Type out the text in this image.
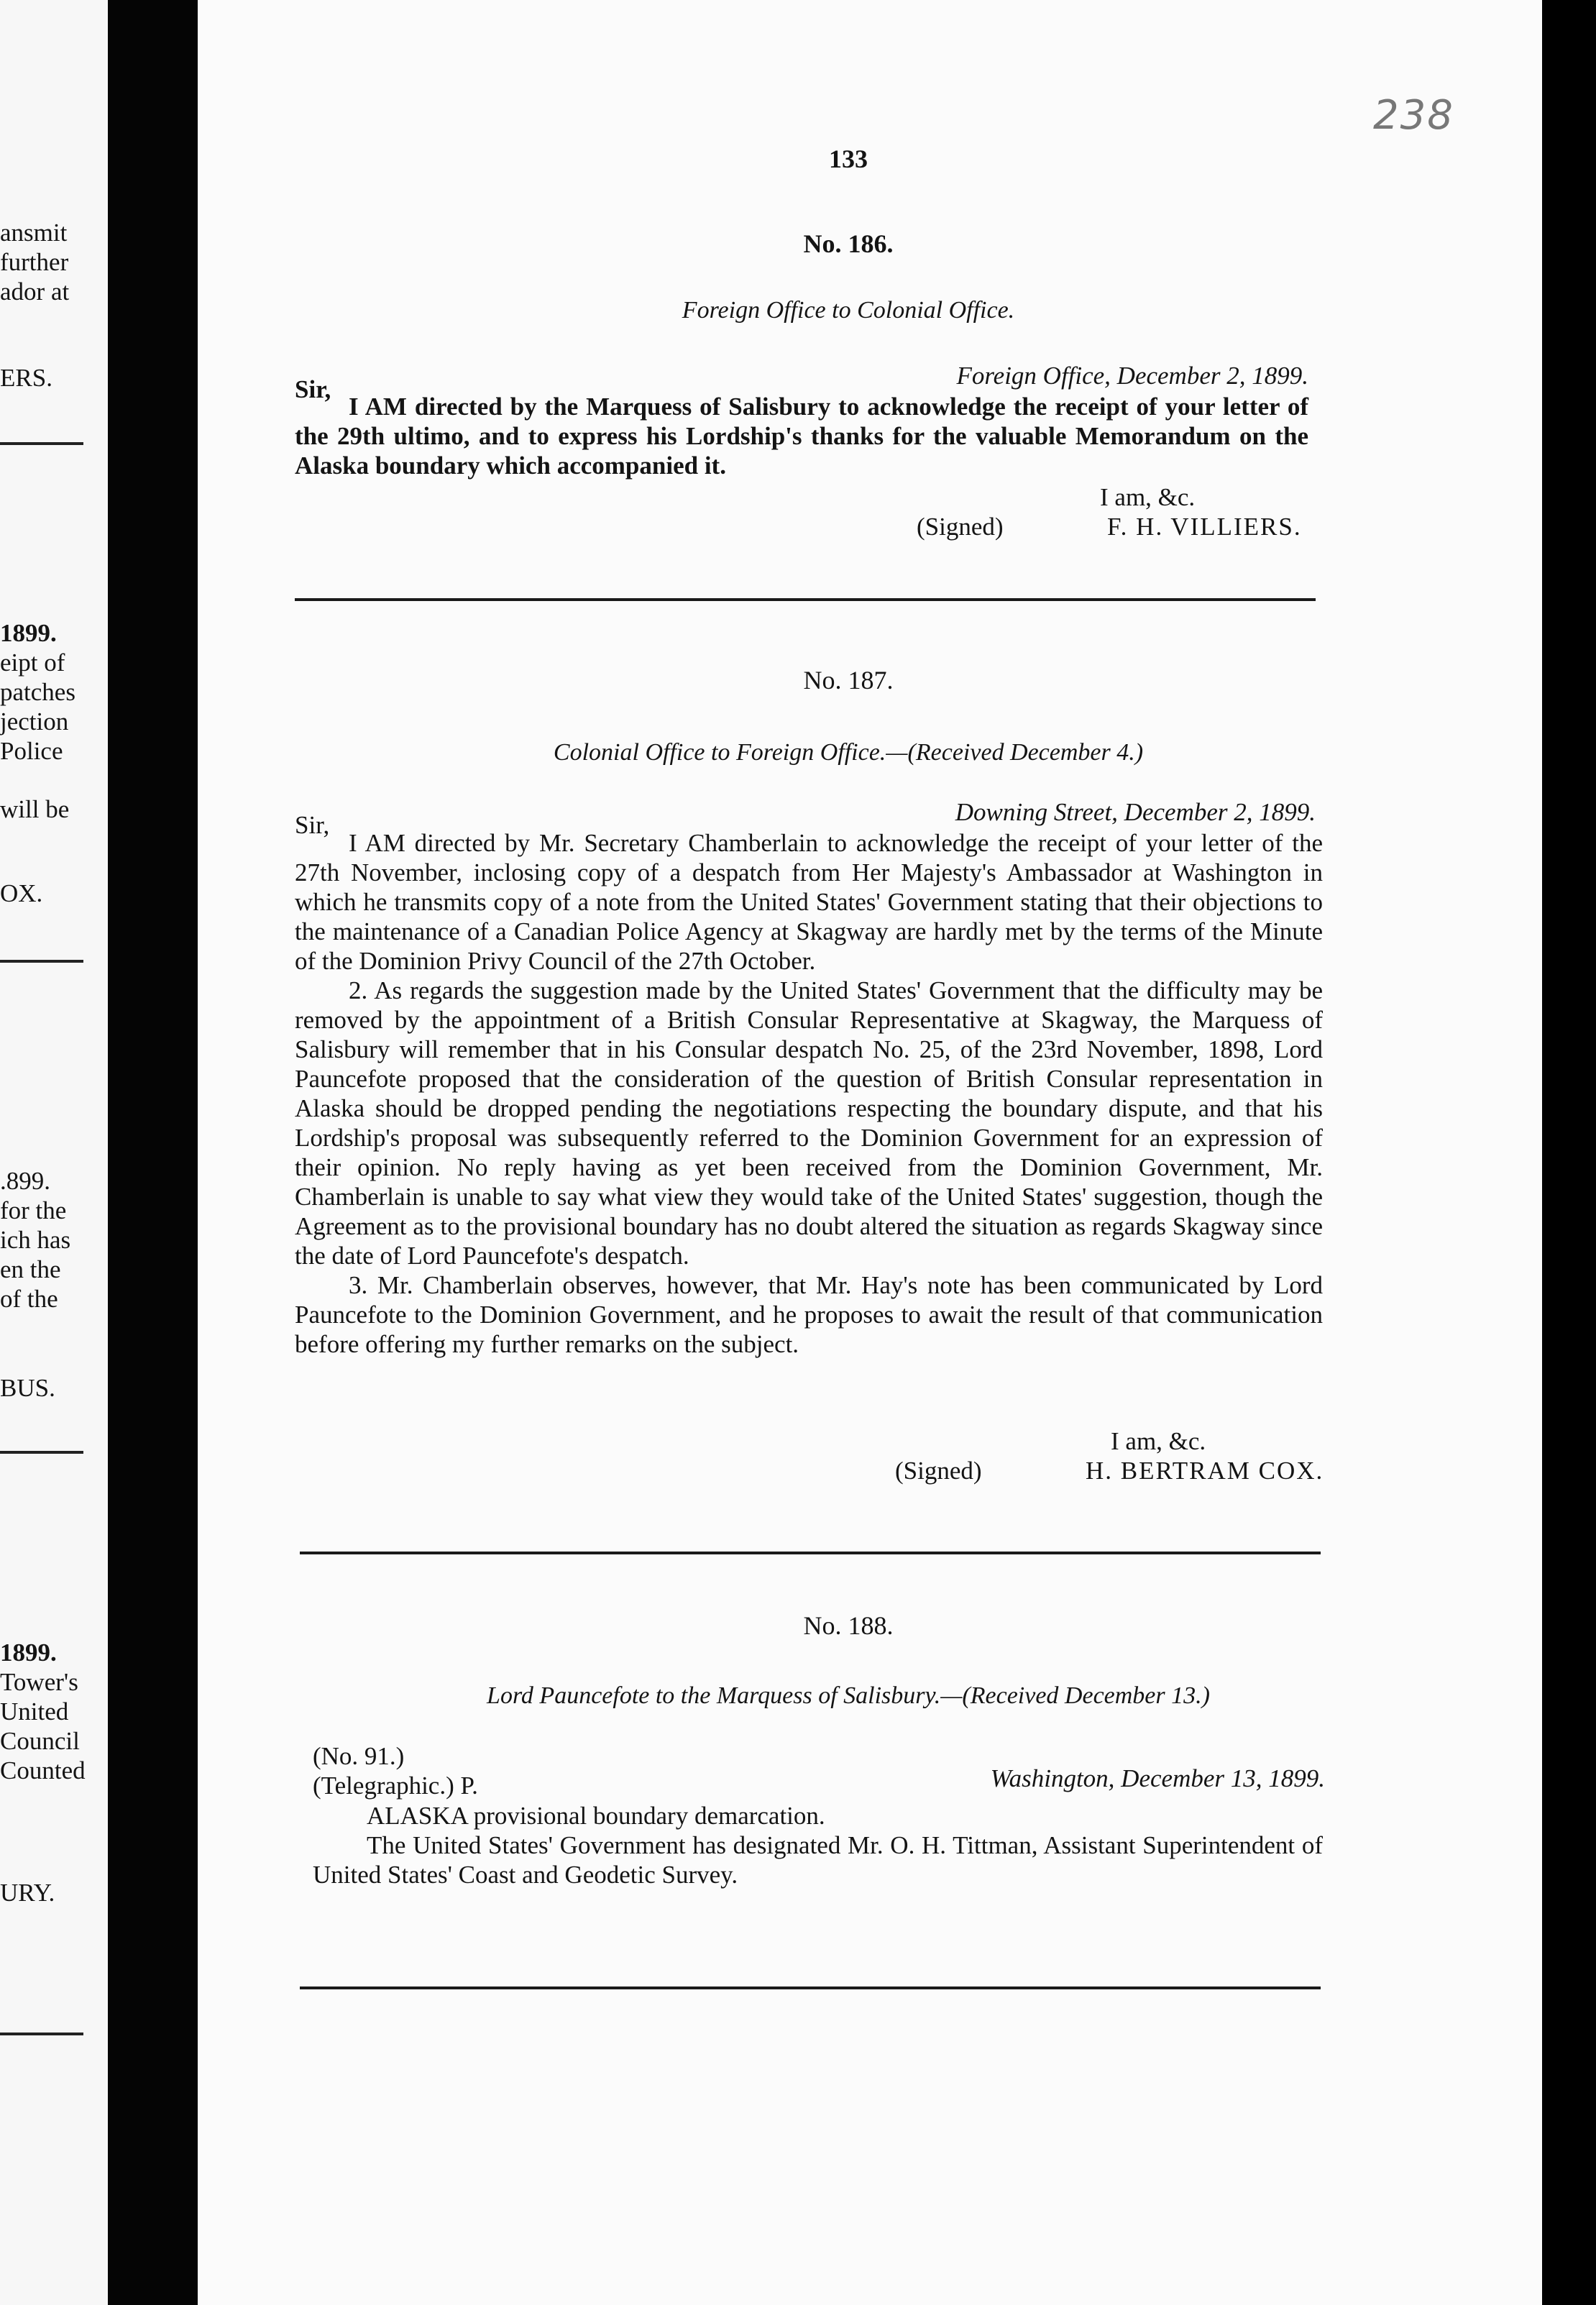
ansmit
further
ador at
ERS.
1899.
eipt of
patches
jection
Police
will be
OX.
.899.
for the
ich has
en the
of the
BUS.
1899.
Tower's
United
Council
Counted
URY.
238
133
No. 186.
Foreign Office to Colonial Office.
Sir,	Foreign Office, December 2, 1899.

I AM directed by the Marquess of Salisbury to acknowledge the receipt of your letter of the 29th ultimo, and to express his Lordship's thanks for the valuable Memorandum on the Alaska boundary which accompanied it.

I am, &c.
(Signed)	F. H. VILLIERS.
No. 187.
Colonial Office to Foreign Office.—(Received December 4.)
Sir,	Downing Street, December 2, 1899.

I AM directed by Mr. Secretary Chamberlain to acknowledge the receipt of your letter of the 27th November, inclosing copy of a despatch from Her Majesty's Ambassador at Washington in which he transmits copy of a note from the United States' Government stating that their objections to the maintenance of a Canadian Police Agency at Skagway are hardly met by the terms of the Minute of the Dominion Privy Council of the 27th October.

2. As regards the suggestion made by the United States' Government that the difficulty may be removed by the appointment of a British Consular Representative at Skagway, the Marquess of Salisbury will remember that in his Consular despatch No. 25, of the 23rd November, 1898, Lord Pauncefote proposed that the consideration of the question of British Consular representation in Alaska should be dropped pending the negotiations respecting the boundary dispute, and that his Lordship's proposal was subsequently referred to the Dominion Government for an expression of their opinion. No reply having as yet been received from the Dominion Government, Mr. Chamberlain is unable to say what view they would take of the United States' suggestion, though the Agreement as to the provisional boundary has no doubt altered the situation as regards Skagway since the date of Lord Pauncefote's despatch.

3. Mr. Chamberlain observes, however, that Mr. Hay's note has been communicated by Lord Pauncefote to the Dominion Government, and he proposes to await the result of that communication before offering my further remarks on the subject.

I am, &c.
(Signed)	H. BERTRAM COX.
No. 188.
Lord Pauncefote to the Marquess of Salisbury.—(Received December 13.)
(No. 91.)
(Telegraphic.) P.	Washington, December 13, 1899.

ALASKA provisional boundary demarcation.

The United States' Government has designated Mr. O. H. Tittman, Assistant Superintendent of United States' Coast and Geodetic Survey.
